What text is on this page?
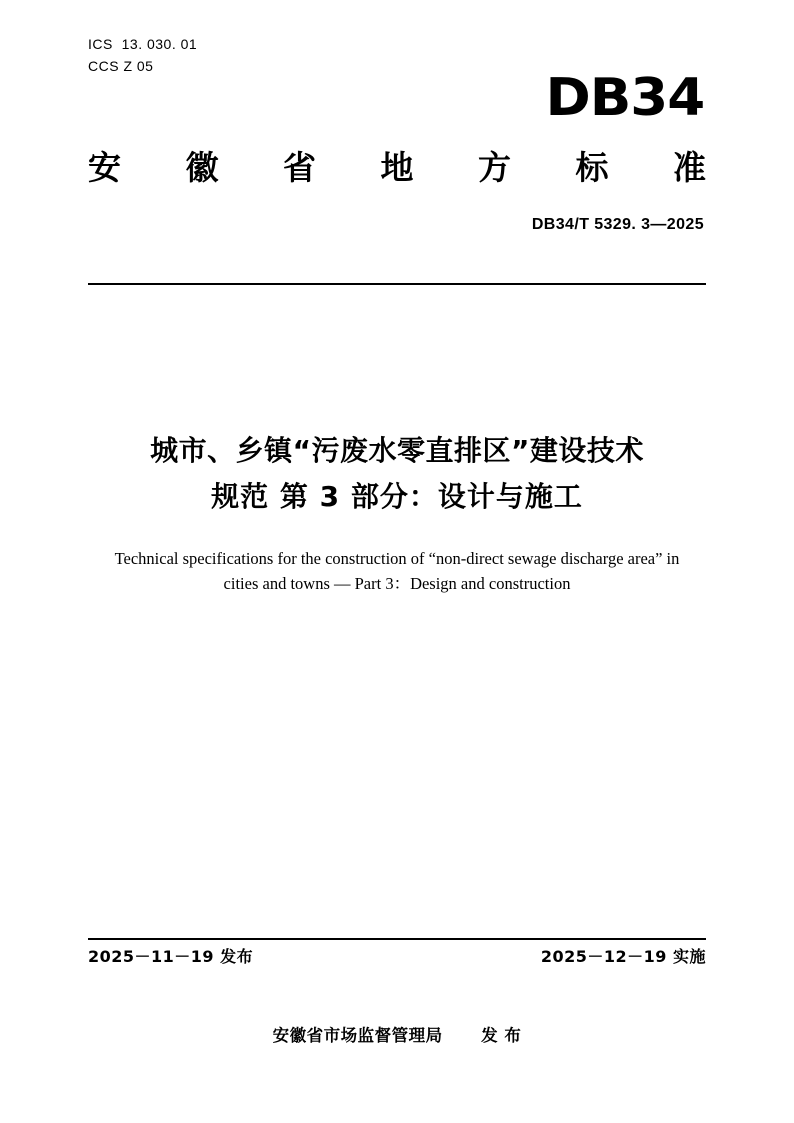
ICS  13. 030. 01
CCS Z 05
DB34
安 徽 省 地 方 标 准
DB34/T 5329. 3—2025
城市、乡镇“污废水零直排区”建设技术
规范 第 3 部分：设计与施工
Technical specifications for the construction of “non-direct sewage discharge area” in
cities and towns — Part 3：Design and construction
2025－11－19 发布	2025－12－19 实施
安徽省市场监督管理局 发 布
